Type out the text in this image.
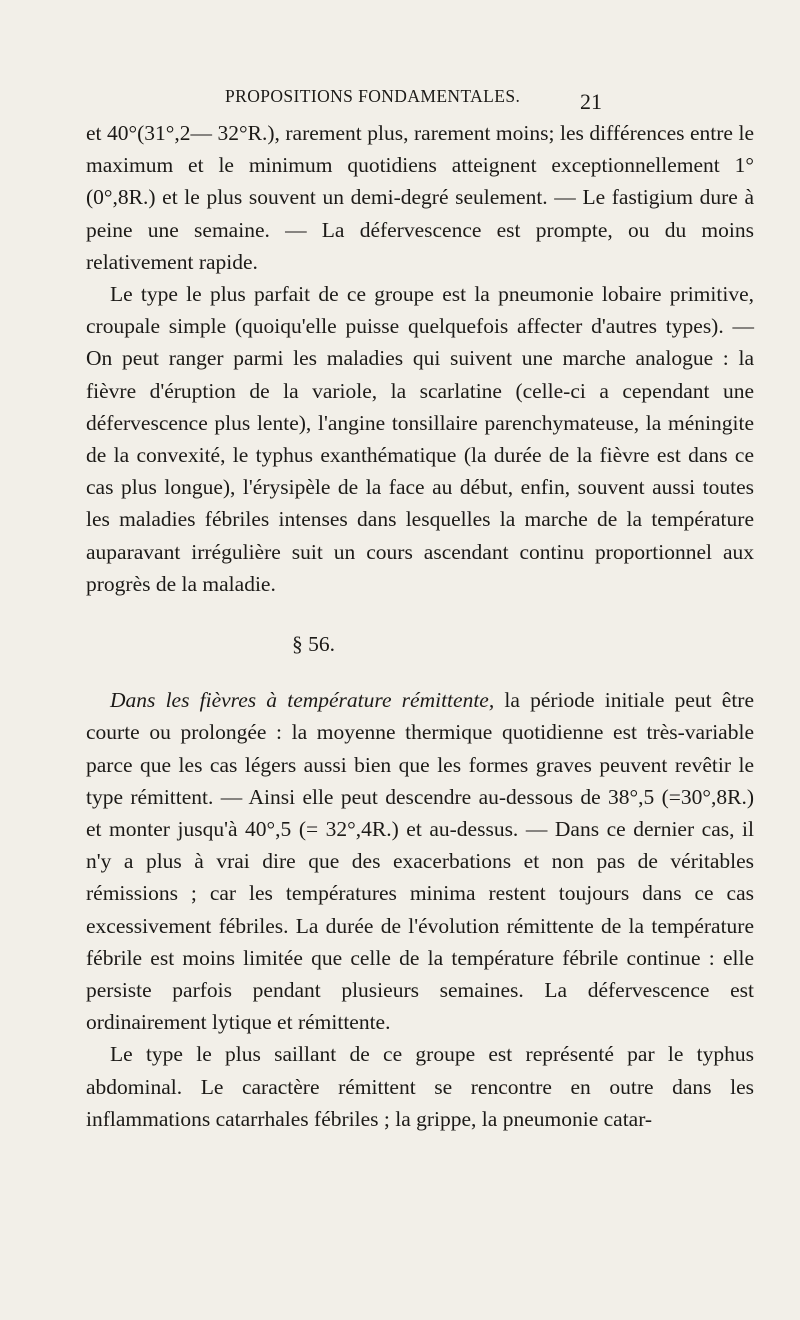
PROPOSITIONS FONDAMENTALES.	21

et 40°(31°,2— 32°R.), rarement plus, rarement moins; les différences entre le maximum et le minimum quotidiens atteignent exceptionnellement 1°(0°,8R.) et le plus souvent un demi-degré seulement. — Le fastigium dure à peine une semaine. — La défervescence est prompte, ou du moins relativement rapide.

Le type le plus parfait de ce groupe est la pneumonie lobaire primitive, croupale simple (quoiqu'elle puisse quelquefois affecter d'autres types). — On peut ranger parmi les maladies qui suivent une marche analogue : la fièvre d'éruption de la variole, la scarlatine (celle-ci a cependant une défervescence plus lente), l'angine tonsillaire parenchymateuse, la méningite de la convexité, le typhus exanthématique (la durée de la fièvre est dans ce cas plus longue), l'érysipèle de la face au début, enfin, souvent aussi toutes les maladies fébriles intenses dans lesquelles la marche de la température auparavant irrégulière suit un cours ascendant continu proportionnel aux progrès de la maladie.

§ 56.

Dans les fièvres à température rémittente, la période initiale peut être courte ou prolongée : la moyenne thermique quotidienne est très-variable parce que les cas légers aussi bien que les formes graves peuvent revêtir le type rémittent. — Ainsi elle peut descendre au-dessous de 38°,5 (=30°,8R.) et monter jusqu'à 40°,5 (= 32°,4R.) et au-dessus. — Dans ce dernier cas, il n'y a plus à vrai dire que des exacerbations et non pas de véritables rémissions ; car les températures minima restent toujours dans ce cas excessivement fébriles. La durée de l'évolution rémittente de la température fébrile est moins limitée que celle de la température fébrile continue : elle persiste parfois pendant plusieurs semaines. La défervescence est ordinairement lytique et rémittente.

Le type le plus saillant de ce groupe est représenté par le typhus abdominal. Le caractère rémittent se rencontre en outre dans les inflammations catarrhales fébriles ; la grippe, la pneumonie catar-
